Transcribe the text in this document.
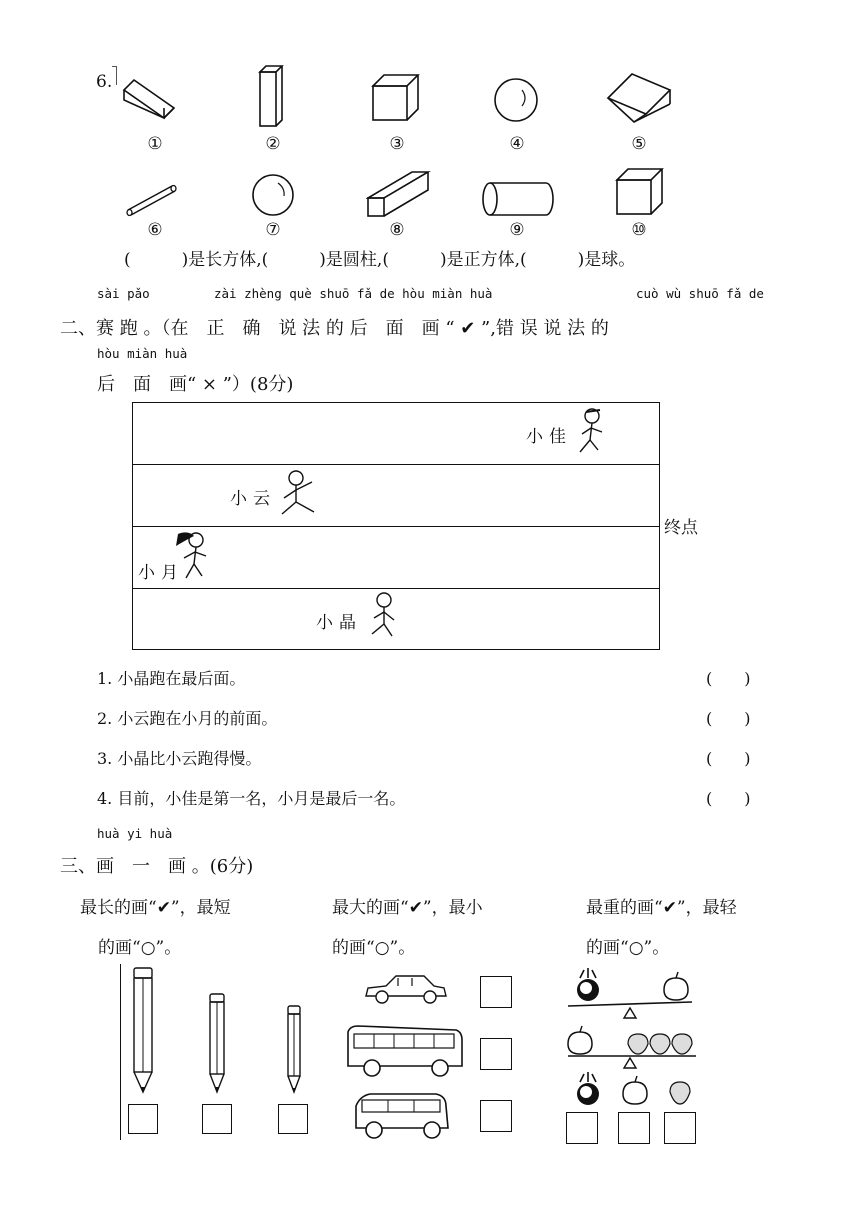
6.
①	②	③	④	⑤
⑥	⑦	⑧	⑨	⑩
(　　　)是长方体,(　　　)是圆柱,(　　　)是正方体,(　　　)是球。
sài pǎo	zài zhèng què shuō fǎ de hòu miàn huà	cuò wù shuō fǎ de
二、赛 跑 。（在　正　确　说 法 的 后　面　画 “ ✔ ”,错 误 说 法 的
hòu miàn huà
后　面　画“ × ”）(8分)
小佳
小云
小月
小晶
终点
1. 小晶跑在最后面。	(　　)
2. 小云跑在小月的前面。	(　　)
3. 小晶比小云跑得慢。	(　　)
4. 目前，小佳是第一名，小月是最后一名。	(　　)
huà yi huà
三、画　一　画 。(6分)
最长的画“✔”，最短
的画“○”。
最大的画“✔”，最小
的画“○”。
最重的画“✔”，最轻
的画“○”。
